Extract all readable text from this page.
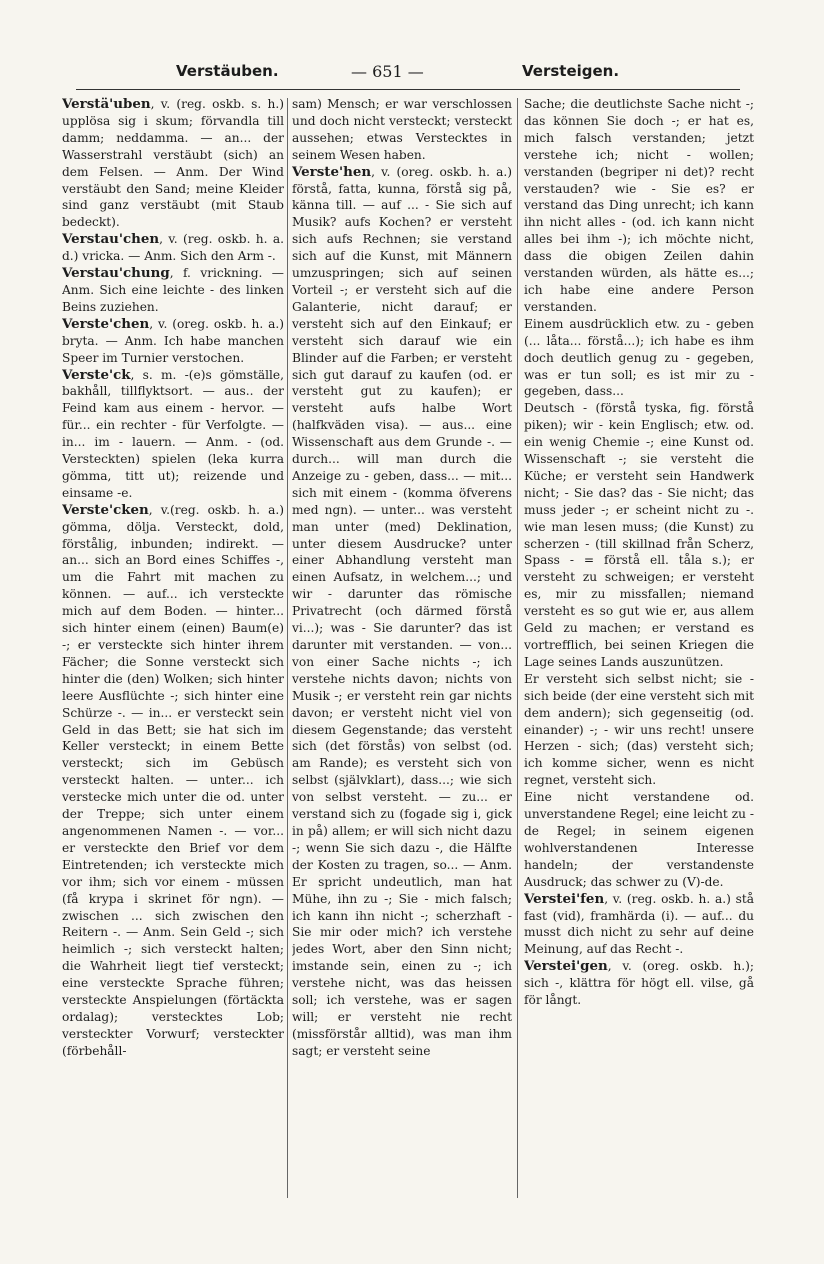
Verstäuben.	— 651 —	Versteigen.

Verstä'uben, v. (reg. oskb. s. h.) upplösa sig i skum; förvandla till damm; neddamma. — an... der Wasserstrahl verstäubt (sich) an dem Felsen. — Anm. Der Wind verstäubt den Sand; meine Kleider sind ganz verstäubt (mit Staub bedeckt).

Verstau'chen, v. (reg. oskb. h. a. d.) vricka. — Anm. Sich den Arm -.

Verstau'chung, f. vrickning. — Anm. Sich eine leichte - des linken Beins zuziehen.

Verste'chen, v. (oreg. oskb. h. a.) bryta. — Anm. Ich habe manchen Speer im Turnier verstochen.

Verste'ck, s. m. -(e)s gömställe, bakhåll, tillflyktsort. — aus.. der Feind kam aus einem - hervor. — für... ein rechter - für Verfolgte. — in... im - lauern. — Anm. - (od. Versteckten) spielen (leka kurra gömma, titt ut); reizende und einsame -e.

Verste'cken, v.(reg. oskb. h. a.) gömma, dölja. Versteckt, dold, förstålig, inbunden; indirekt. — an... sich an Bord eines Schiffes -, um die Fahrt mit machen zu können. — auf... ich versteckte mich auf dem Boden. — hinter... sich hinter einem (einen) Baum(e) -; er versteckte sich hinter ihrem Fächer; die Sonne versteckt sich hinter die (den) Wolken; sich hinter leere Ausflüchte -; sich hinter eine Schürze -. — in... er versteckt sein Geld in das Bett; sie hat sich im Keller versteckt; in einem Bette versteckt; sich im Gebüsch versteckt halten. — unter... ich verstecke mich unter die od. unter der Treppe; sich unter einem angenommenen Namen -. — vor... er versteckte den Brief vor dem Eintretenden; ich versteckte mich vor ihm; sich vor einem - müssen (få krypa i skrinet för ngn). — zwischen ... sich zwischen den Reitern -. — Anm. Sein Geld -; sich heimlich -; sich versteckt halten; die Wahrheit liegt tief versteckt; eine versteckte Sprache führen; versteckte Anspielungen (förtäckta ordalag); verstecktes Lob; versteckter Vorwurf; versteckter (förbehåll-

sam) Mensch; er war verschlossen und doch nicht versteckt; versteckt aussehen; etwas Verstecktes in seinem Wesen haben.

Verste'hen, v. (oreg. oskb. h. a.) förstå, fatta, kunna, förstå sig på, känna till. — auf ... - Sie sich auf Musik? aufs Kochen? er versteht sich aufs Rechnen; sie verstand sich auf die Kunst, mit Männern umzuspringen; sich auf seinen Vorteil -; er versteht sich auf die Galanterie, nicht darauf; er versteht sich auf den Einkauf; er versteht sich darauf wie ein Blinder auf die Farben; er versteht sich gut darauf zu kaufen (od. er versteht gut zu kaufen); er versteht aufs halbe Wort (halfkväden visa). — aus... eine Wissenschaft aus dem Grunde -. — durch... will man durch die Anzeige zu - geben, dass... — mit... sich mit einem - (komma öfverens med ngn). — unter... was versteht man unter (med) Deklination, unter diesem Ausdrucke? unter einer Abhandlung versteht man einen Aufsatz, in welchem...; und wir - darunter das römische Privatrecht (och därmed förstå vi...); was - Sie darunter? das ist darunter mit verstanden. — von... von einer Sache nichts -; ich verstehe nichts davon; nichts von Musik -; er versteht rein gar nichts davon; er versteht nicht viel von diesem Gegenstande; das versteht sich (det förstås) von selbst (od. am Rande); es versteht sich von selbst (självklart), dass...; wie sich von selbst versteht. — zu... er verstand sich zu (fogade sig i, gick in på) allem; er will sich nicht dazu -; wenn Sie sich dazu -, die Hälfte der Kosten zu tragen, so... — Anm. Er spricht undeutlich, man hat Mühe, ihn zu -; Sie - mich falsch; ich kann ihn nicht -; scherzhaft - Sie mir oder mich? ich verstehe jedes Wort, aber den Sinn nicht; imstande sein, einen zu -; ich verstehe nicht, was das heissen soll; ich verstehe, was er sagen will; er versteht nie recht (missförstår alltid), was man ihm sagt; er versteht seine

Sache; die deutlichste Sache nicht -; das können Sie doch -; er hat es, mich falsch verstanden; jetzt verstehe ich; nicht - wollen; verstanden (begriper ni det)? recht verstauden? wie - Sie es? er verstand das Ding unrecht; ich kann ihn nicht alles - (od. ich kann nicht alles bei ihm -); ich möchte nicht, dass die obigen Zeilen dahin verstanden würden, als hätte es...; ich habe eine andere Person verstanden.

Einem ausdrücklich etw. zu - geben (... låta... förstå...); ich habe es ihm doch deutlich genug zu - gegeben, was er tun soll; es ist mir zu - gegeben, dass...

Deutsch - (förstå tyska, fig. förstå piken); wir - kein Englisch; etw. od. ein wenig Chemie -; eine Kunst od. Wissenschaft -; sie versteht die Küche; er versteht sein Handwerk nicht; - Sie das? das - Sie nicht; das muss jeder -; er scheint nicht zu -. wie man lesen muss; (die Kunst) zu scherzen - (till skillnad från Scherz, Spass - = förstå ell. tåla s.); er versteht zu schweigen; er versteht es, mir zu missfallen; niemand versteht es so gut wie er, aus allem Geld zu machen; er verstand es vortrefflich, bei seinen Kriegen die Lage seines Lands auszunützen.

Er versteht sich selbst nicht; sie - sich beide (der eine versteht sich mit dem andern); sich gegenseitig (od. einander) -; - wir uns recht! unsere Herzen - sich; (das) versteht sich; ich komme sicher, wenn es nicht regnet, versteht sich.

Eine nicht verstandene od. unverstandene Regel; eine leicht zu -de Regel; in seinem eigenen wohlverstandenen Interesse handeln; der verstandenste Ausdruck; das schwer zu (V)-de.

Verstei'fen, v. (reg. oskb. h. a.) stå fast (vid), framhärda (i). — auf... du musst dich nicht zu sehr auf deine Meinung, auf das Recht -.

Verstei'gen, v. (oreg. oskb. h.); sich -, klättra för högt ell. vilse, gå för långt.
